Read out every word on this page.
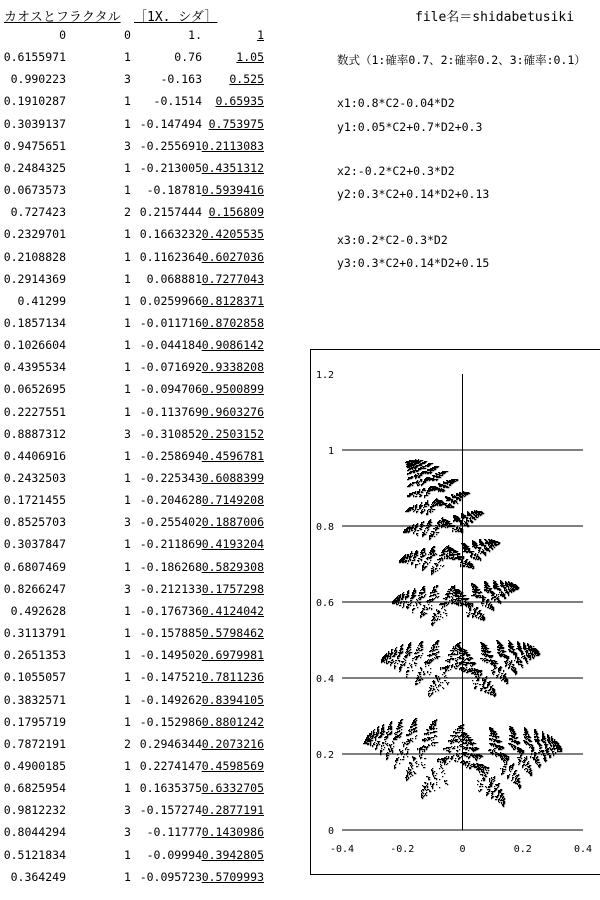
カオスとフラクタル ［1X. シダ］	file名＝shidabetusiki
0	0	1.	1
0.6155971	1	0.76	1.05
0.990223	3	-0.163 0.525
0.1910287	1 -0.1514 0.65935
0.3039137	1 -0.147494 0.753975
0.9475651	3 -0.255691 0.2113083
0.2484325	1 -0.213005 0.4351312
0.0673573	1 -0.18781 0.5939416
0.727423	2 0.2157444 0.156809
0.2329701	1 0.1663232 0.4205535
0.2108828	1 0.1162364 0.6027036
0.2914369	1 0.068881 0.7277043
0.41299	1 0.0259966 0.8128371
0.1857134	1 -0.011716 0.8702858
0.1026604	1 -0.044184 0.9086142
0.4395534	1 -0.071692 0.9338208
0.0652695	1 -0.094706 0.9500899
0.2227551	1 -0.113769 0.9603276
0.8887312	3 -0.310852 0.2503152
0.4406916	1 -0.258694 0.4596781
0.2432503	1 -0.225343 0.6088399
0.1721455	1 -0.204628 0.7149208
0.8525703	3 -0.255402 0.1887006
0.3037847	1 -0.211869 0.4193204
0.6807469	1 -0.186268 0.5829308
0.8266247	3 -0.212133 0.1757298
0.492628	1 -0.176736 0.4124042
0.3113791	1 -0.157885 0.5798462
0.2651353	1 -0.149502 0.6979981
0.1055057	1 -0.147521 0.7811236
0.3832571	1 -0.149262 0.8394105
0.1795719	1 -0.152986 0.8801242
0.7872191	2 0.2946344 0.2073216
0.4900185	1 0.2274147 0.4598569
0.6825954	1 0.1635375 0.6332705
0.9812232	3 -0.157274 0.2877191
0.8044294	3 -0.11777 0.1430986
0.5121834	1 -0.09994 0.3942805
0.364249	1 -0.095723 0.5709993
数式（1:確率0.7、2:確率0.2、3:確率:0.1）
x1:0.8*C2-0.04*D2
y1:0.05*C2+0.7*D2+0.3
x2:-0.2*C2+0.3*D2
y2:0.3*C2+0.14*D2+0.13
x3:0.2*C2-0.3*D2
y3:0.3*C2+0.14*D2+0.15
0
0.2
0.4
0.6
0.8
1
1.2
-0.4	-0.2	0	0.2	0.4
